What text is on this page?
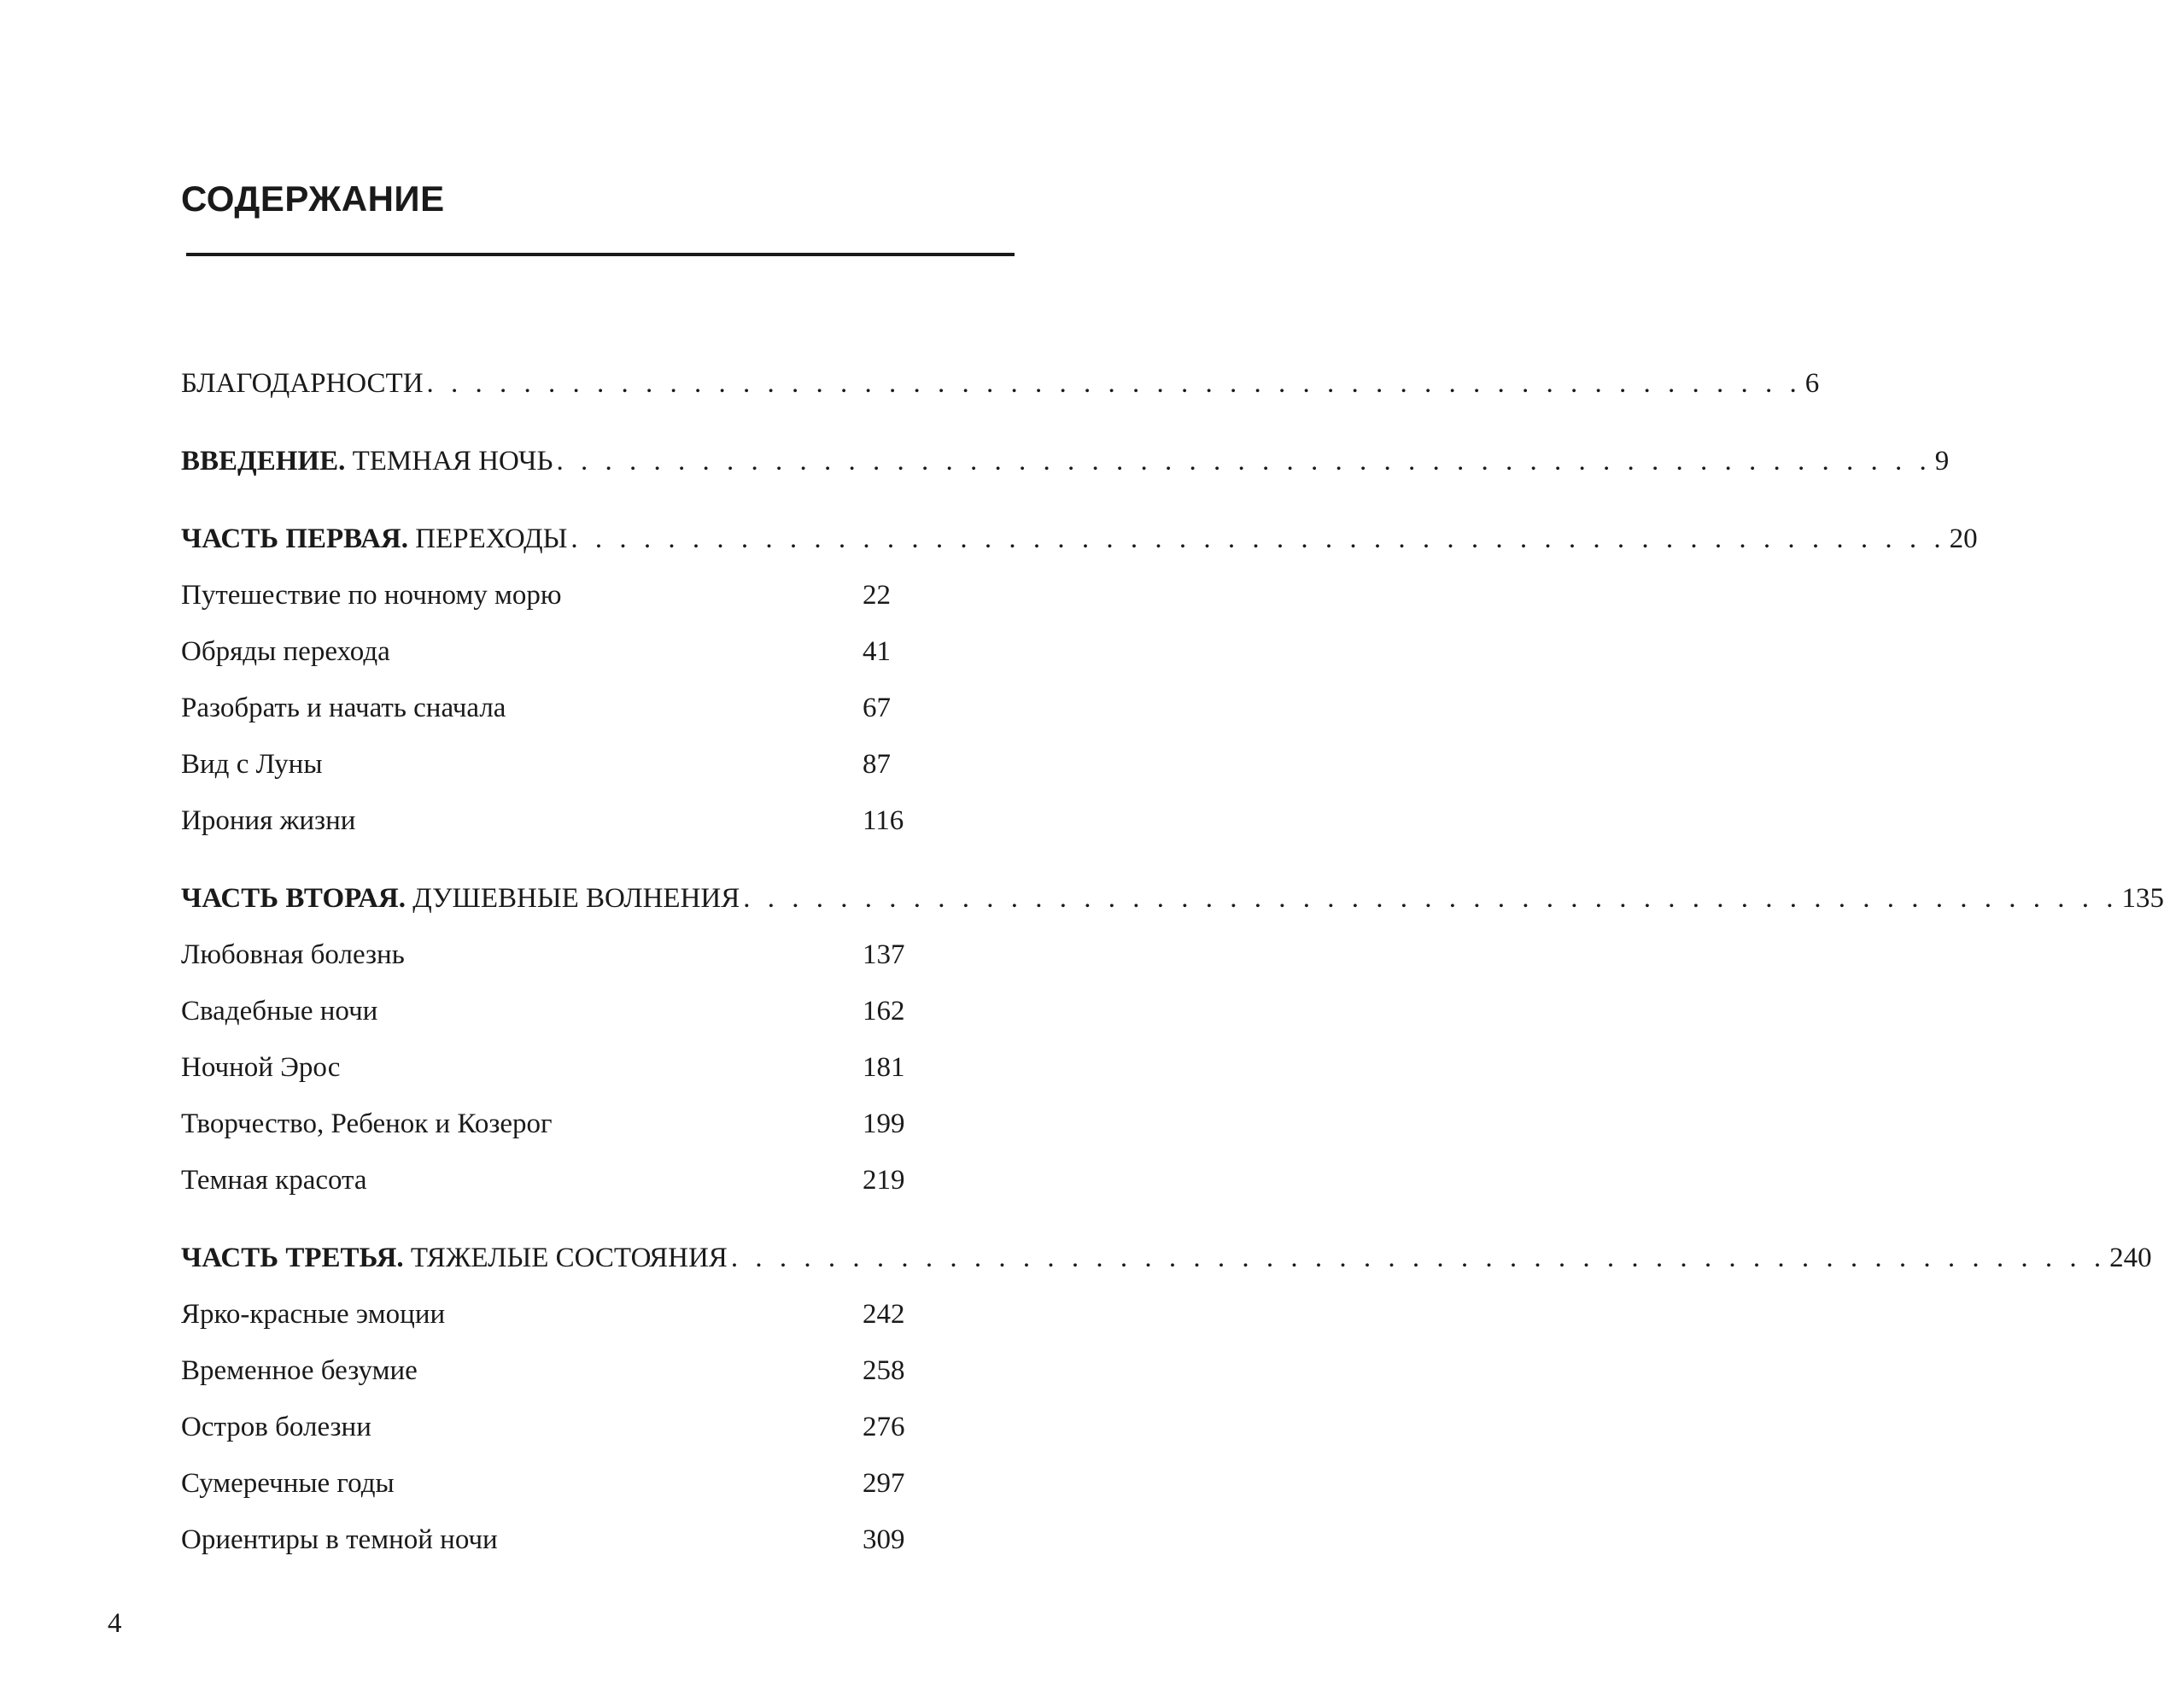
СОДЕРЖАНИЕ
БЛАГОДАРНОСТИ . . . . . . . . . . . . . . . . . . . . . . . . . . . . . . . . . . . . . . . . . . . . . . . . . . . . . . . . . 6
ВВЕДЕНИЕ. ТЕМНАЯ НОЧЬ . . . . . . . . . . . . . . . . . . . . . . . . . . . . . . . . . . . . . . . . . . . . . . . . . . . . . . . . . 9
ЧАСТЬ ПЕРВАЯ. ПЕРЕХОДЫ . . . . . . . . . . . . . . . . . . . . . . . . . . . . . . . . . . . . . . . . . . . . . . . . . . . . . . . . . 20
Путешествие по ночному морю	22
Обряды перехода	41
Разобрать и начать сначала	67
Вид с Луны	87
Ирония жизни	116
ЧАСТЬ ВТОРАЯ. ДУШЕВНЫЕ ВОЛНЕНИЯ . . . . . . . . . . . . . . . . . . . . . . . . . . . . . . . . . . . . . . . . . . . . . . . . . . . . . . . . . 135
Любовная болезнь	137
Свадебные ночи	162
Ночной Эрос	181
Творчество, Ребенок и Козерог	199
Темная красота	219
ЧАСТЬ ТРЕТЬЯ. ТЯЖЕЛЫЕ СОСТОЯНИЯ . . . . . . . . . . . . . . . . . . . . . . . . . . . . . . . . . . . . . . . . . . . . . . . . . . . . . . . . . 240
Ярко-красные эмоции	242
Временное безумие	258
Остров болезни	276
Сумеречные годы	297
Ориентиры в темной ночи	309
4
